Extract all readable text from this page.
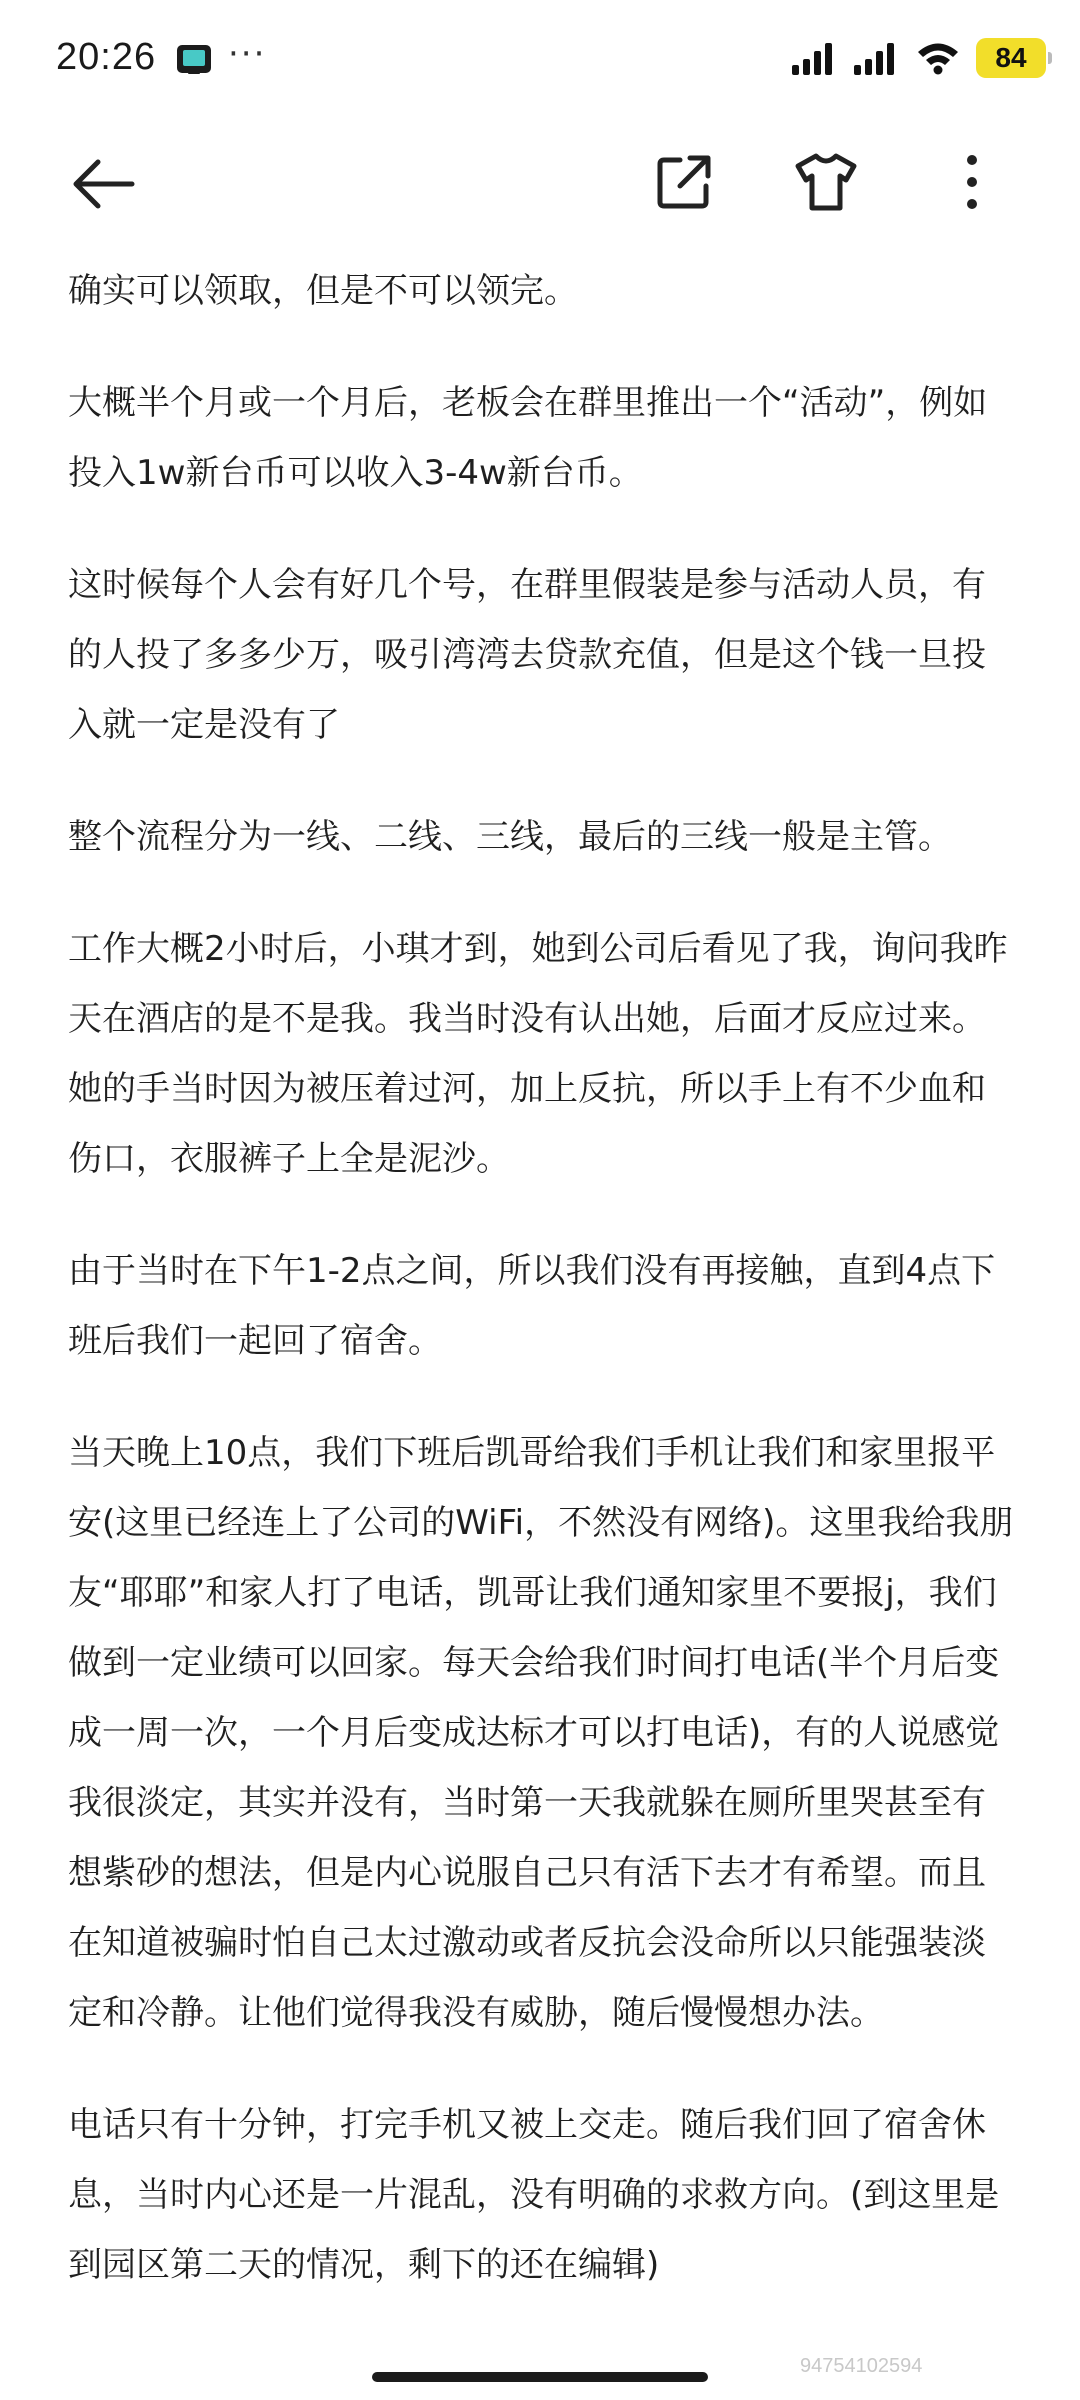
20:26 ···	84

确实可以领取，但是不可以领完。

大概半个月或一个月后，老板会在群里推出一个“活动”，例如投入1w新台币可以收入3-4w新台币。

这时候每个人会有好几个号，在群里假装是参与活动人员，有的人投了多多少万，吸引湾湾去贷款充值，但是这个钱一旦投入就一定是没有了

整个流程分为一线、二线、三线，最后的三线一般是主管。

工作大概2小时后，小琪才到，她到公司后看见了我，询问我昨天在酒店的是不是我。我当时没有认出她，后面才反应过来。她的手当时因为被压着过河，加上反抗，所以手上有不少血和伤口，衣服裤子上全是泥沙。

由于当时在下午1-2点之间，所以我们没有再接触，直到4点下班后我们一起回了宿舍。

当天晚上10点，我们下班后凯哥给我们手机让我们和家里报平安(这里已经连上了公司的WiFi，不然没有网络)。这里我给我朋友“耶耶”和家人打了电话，凯哥让我们通知家里不要报j，我们做到一定业绩可以回家。每天会给我们时间打电话(半个月后变成一周一次，一个月后变成达标才可以打电话)，有的人说感觉我很淡定，其实并没有，当时第一天我就躲在厕所里哭甚至有想紫砂的想法，但是内心说服自己只有活下去才有希望。而且在知道被骗时怕自己太过激动或者反抗会没命所以只能强装淡定和冷静。让他们觉得我没有威胁，随后慢慢想办法。

电话只有十分钟，打完手机又被上交走。随后我们回了宿舍休息，当时内心还是一片混乱，没有明确的求救方向。(到这里是到园区第二天的情况，剩下的还在编辑)

94754102594
